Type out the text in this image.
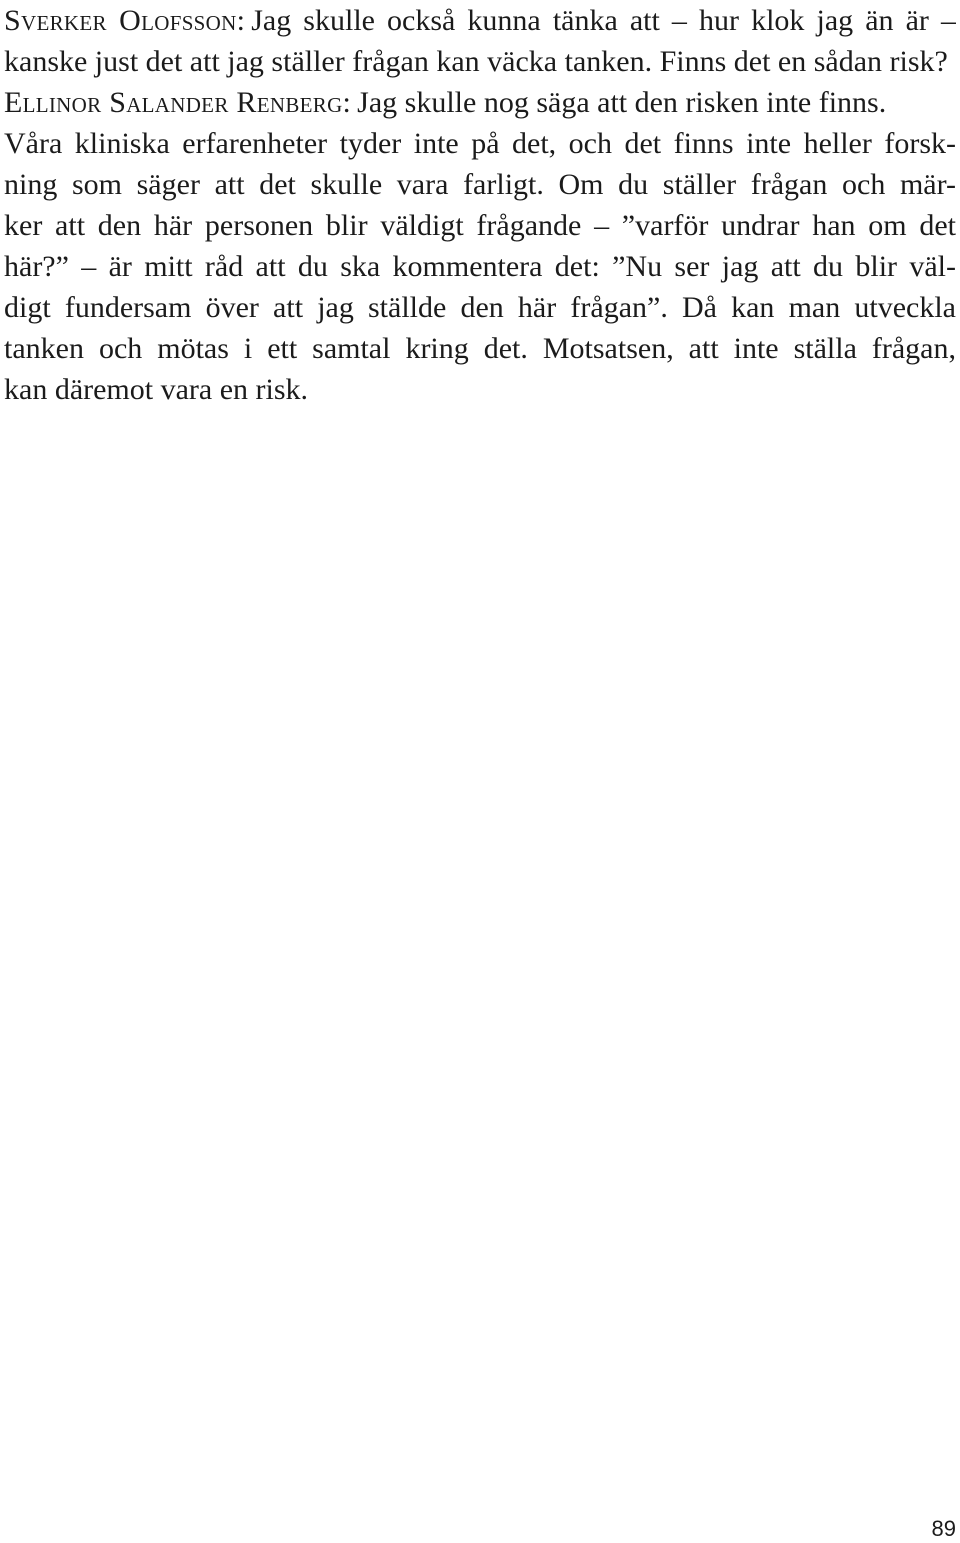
Sverker Olofsson: Jag skulle också kunna tänka att – hur klok jag än är –
kanske just det att jag ställer frågan kan väcka tanken. Finns det en sådan risk?
Ellinor Salander Renberg: Jag skulle nog säga att den risken inte finns.
Våra kliniska erfarenheter tyder inte på det, och det finns inte heller forsk-
ning som säger att det skulle vara farligt. Om du ställer frågan och mär-
ker att den här personen blir väldigt frågande – ”varför undrar han om det
här?” – är mitt råd att du ska kommentera det: ”Nu ser jag att du blir väl-
digt fundersam över att jag ställde den här frågan”. Då kan man utveckla
tanken och mötas i ett samtal kring det. Motsatsen, att inte ställa frågan,
kan däremot vara en risk.
89
